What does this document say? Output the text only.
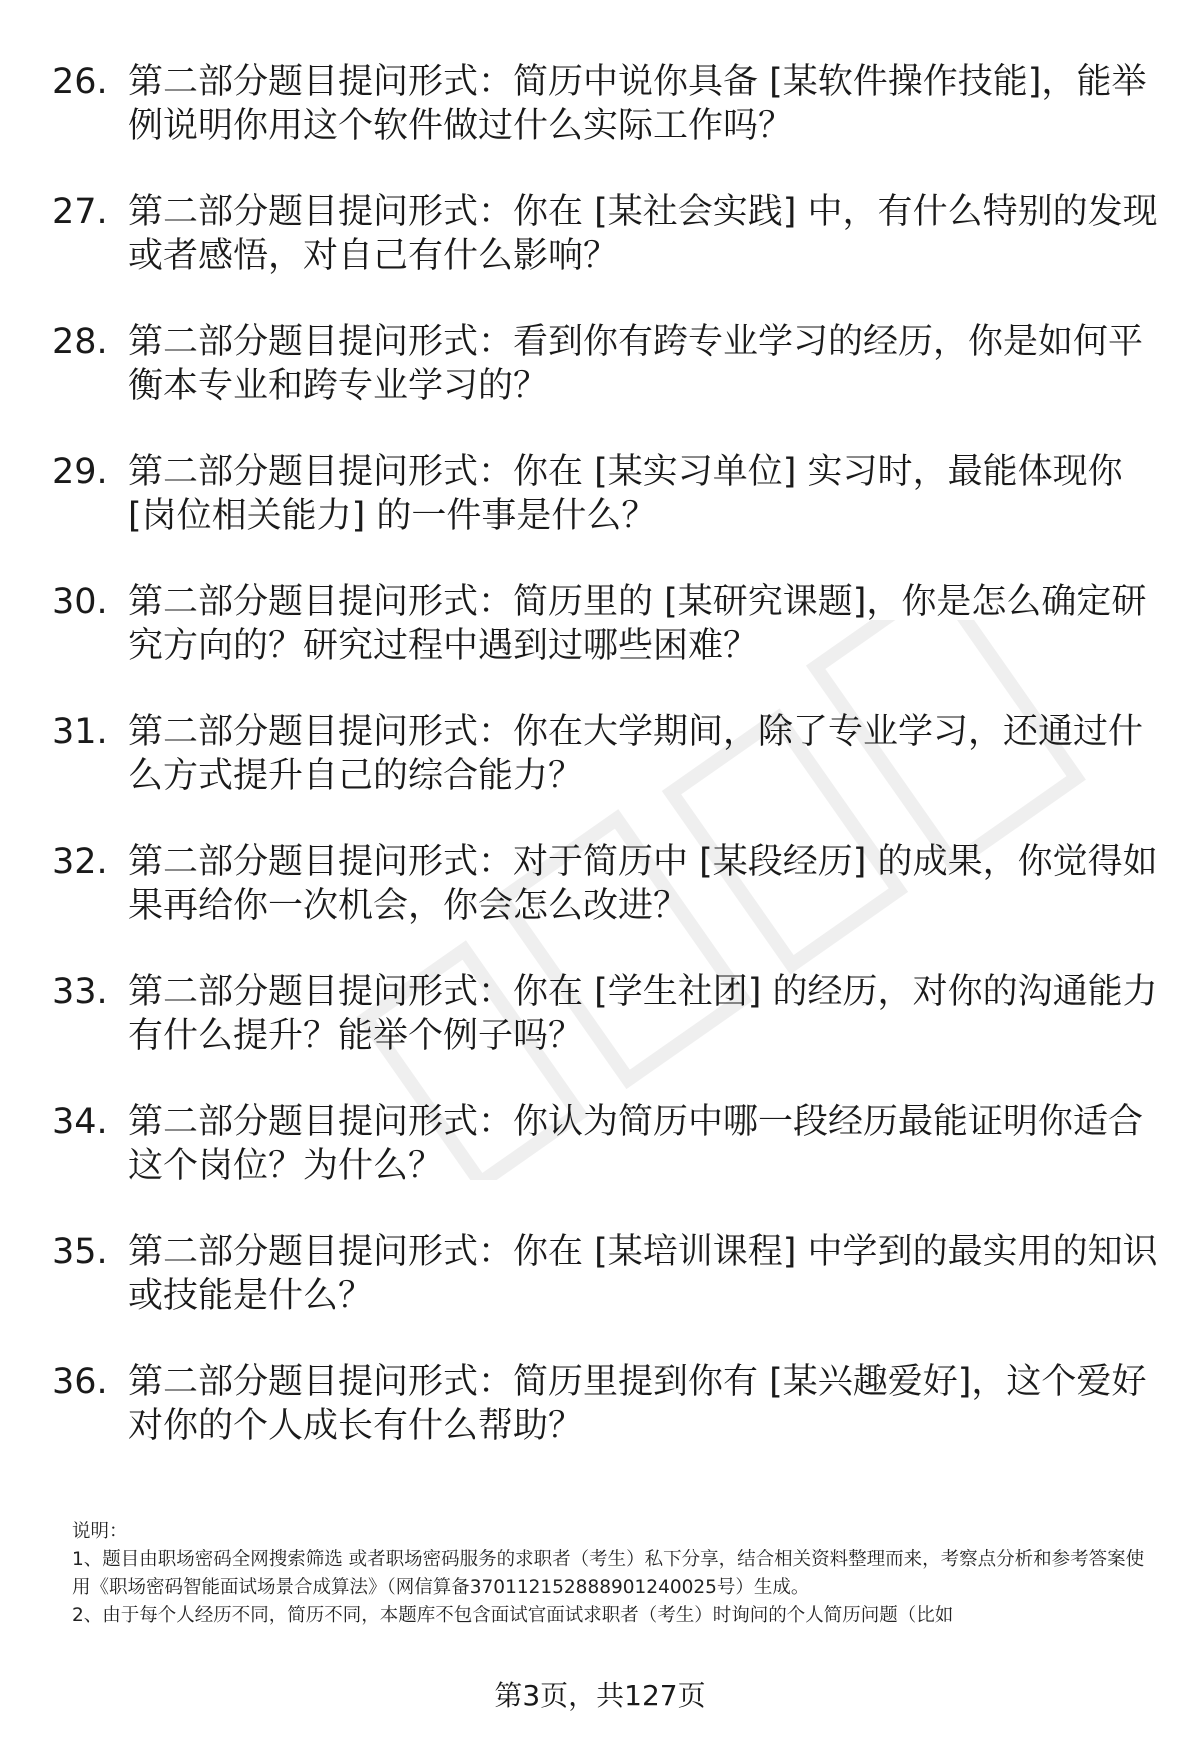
26. 第二部分题目提问形式：简历中说你具备 [某软件操作技能]，能举例说明你用这个软件做过什么实际工作吗？
27. 第二部分题目提问形式：你在 [某社会实践] 中，有什么特别的发现或者感悟，对自己有什么影响？
28. 第二部分题目提问形式：看到你有跨专业学习的经历，你是如何平衡本专业和跨专业学习的？
29. 第二部分题目提问形式：你在 [某实习单位] 实习时，最能体现你 [岗位相关能力] 的一件事是什么？
30. 第二部分题目提问形式：简历里的 [某研究课题]，你是怎么确定研究方向的？研究过程中遇到过哪些困难？
31. 第二部分题目提问形式：你在大学期间，除了专业学习，还通过什么方式提升自己的综合能力？
32. 第二部分题目提问形式：对于简历中 [某段经历] 的成果，你觉得如果再给你一次机会，你会怎么改进？
33. 第二部分题目提问形式：你在 [学生社团] 的经历，对你的沟通能力有什么提升？能举个例子吗？
34. 第二部分题目提问形式：你认为简历中哪一段经历最能证明你适合这个岗位？为什么？
35. 第二部分题目提问形式：你在 [某培训课程] 中学到的最实用的知识或技能是什么？
36. 第二部分题目提问形式：简历里提到你有 [某兴趣爱好]，这个爱好对你的个人成长有什么帮助？

说明：

1、题目由职场密码全网搜索筛选 或者职场密码服务的求职者（考生）私下分享，结合相关资料整理而来，考察点分析和参考答案使用《职场密码智能面试场景合成算法》（网信算备370112152888901240025号）生成。

2、由于每个人经历不同，简历不同，本题库不包含面试官面试求职者（考生）时询问的个人简历问题（比如

第3页，共127页
